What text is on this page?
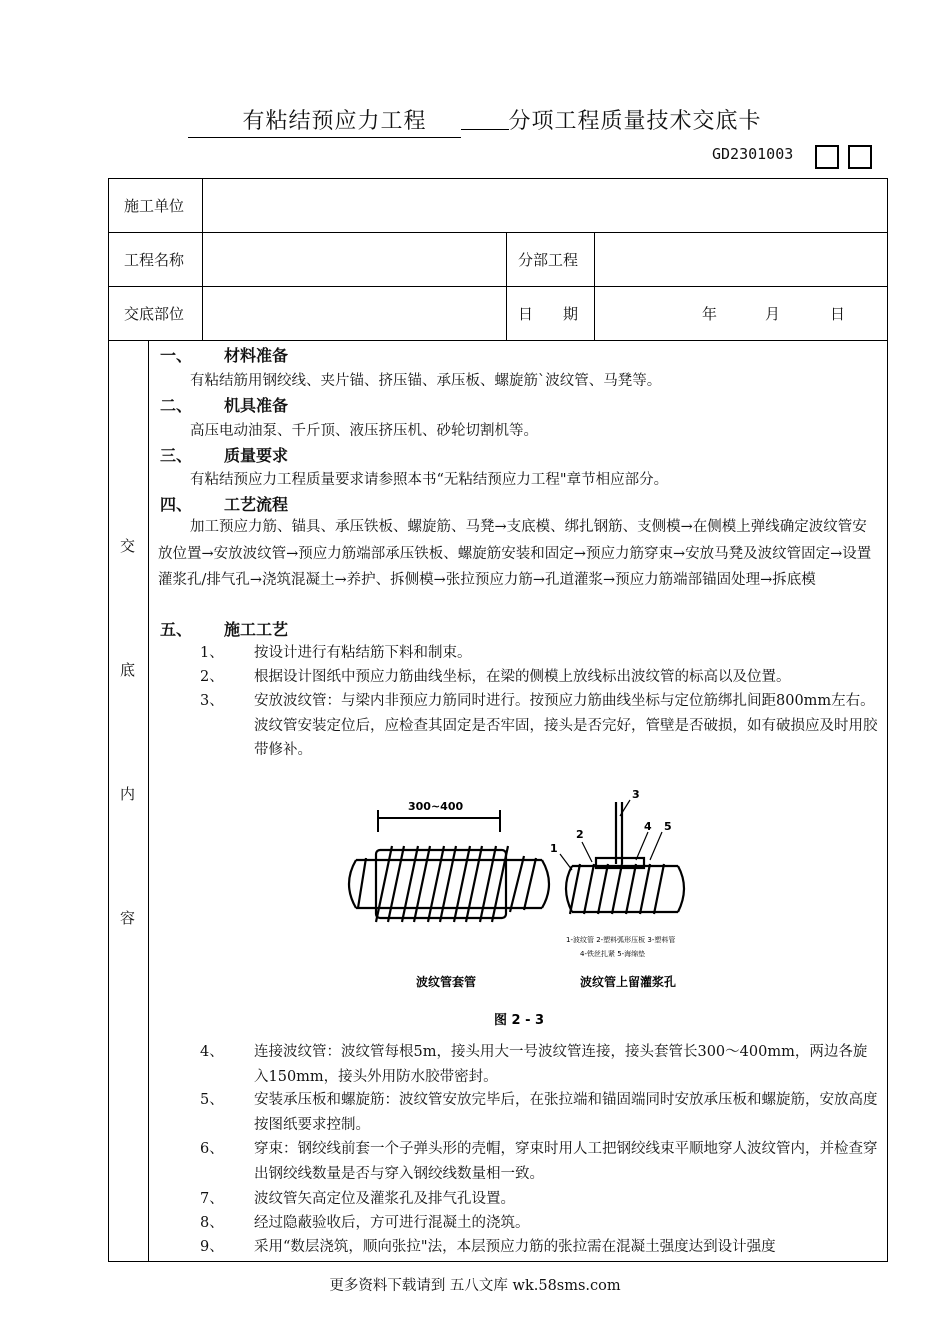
有粘结预应力工程	分项工程质量技术交底卡
GD2301003
施工单位
工程名称	分部工程
交底部位	日　　期	年	月	日
交
底
内
容
一、 材料准备
有粘结筋用钢绞线、夹片锚、挤压锚、承压板、螺旋筋`波纹管、马凳等。
二、 机具准备
高压电动油泵、千斤顶、液压挤压机、砂轮切割机等。
三、 质量要求
有粘结预应力工程质量要求请参照本书“无粘结预应力工程"章节相应部分。
四、 工艺流程
加工预应力筋、锚具、承压铁板、螺旋筋、马凳→支底模、绑扎钢筋、支侧模→在侧模上弹线确定波纹管安放位置→安放波纹管→预应力筋端部承压铁板、螺旋筋安装和固定→预应力筋穿束→安放马凳及波纹管固定→设置灌浆孔/排气孔→浇筑混凝土→养护、拆侧模→张拉预应力筋→孔道灌浆→预应力筋端部锚固处理→拆底模
五、 施工工艺
1、	按设计进行有粘结筋下料和制束。
2、	根据设计图纸中预应力筋曲线坐标，在梁的侧模上放线标出波纹管的标高以及位置。
3、	安放波纹管：与梁内非预应力筋同时进行。按预应力筋曲线坐标与定位筋绑扎间距800mm左右。波纹管安装定位后，应检查其固定是否牢固，接头是否完好，管壁是否破损，如有破损应及时用胶带修补。
300~400
波纹管套管
1
2
3
4 5
1-波纹管 2-塑料弧形压板 3-塑料管
4-铁丝扎紧 5-海绵垫
波纹管上留灌浆孔
图 2 - 3
4、	连接波纹管：波纹管每根5m，接头用大一号波纹管连接，接头套管长300～400mm，两边各旋入150mm，接头外用防水胶带密封。
5、	安装承压板和螺旋筋：波纹管安放完毕后，在张拉端和锚固端同时安放承压板和螺旋筋，安放高度按图纸要求控制。
6、	穿束：钢绞线前套一个子弹头形的壳帽，穿束时用人工把钢绞线束平顺地穿人波纹管内，并检查穿出钢绞线数量是否与穿入钢绞线数量相一致。
7、	波纹管矢高定位及灌浆孔及排气孔设置。
8、	经过隐蔽验收后，方可进行混凝土的浇筑。
9、	采用“数层浇筑，顺向张拉"法，本层预应力筋的张拉需在混凝土强度达到设计强度
更多资料下载请到 五八文库 wk.58sms.com
